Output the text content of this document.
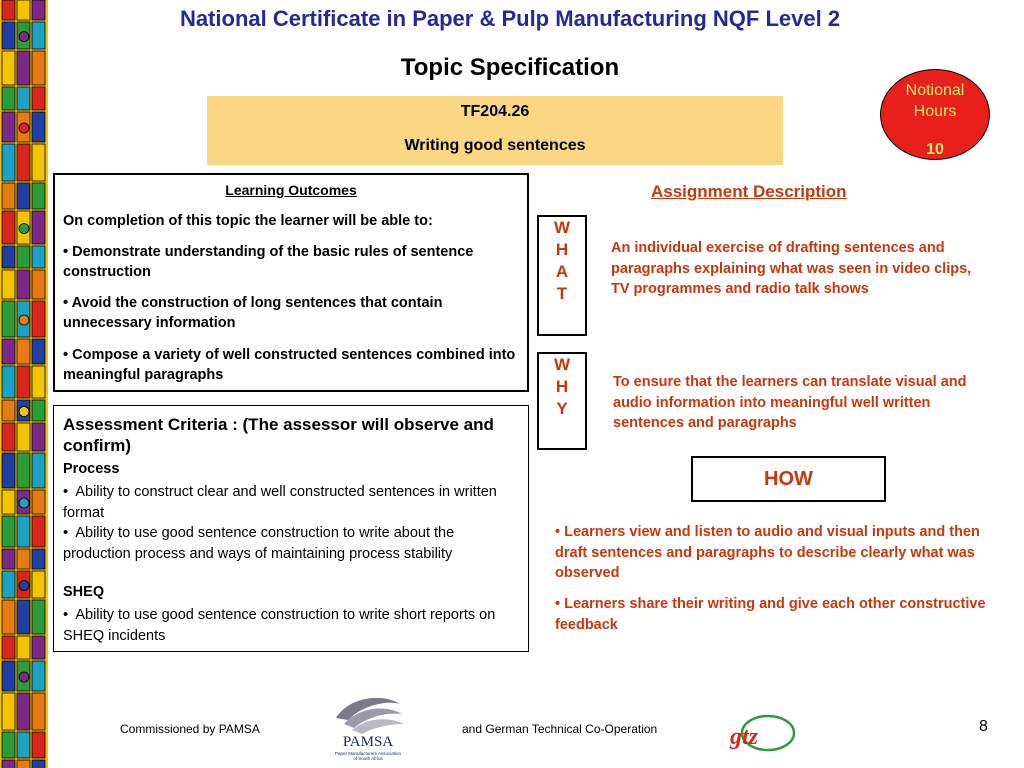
National Certificate in Paper & Pulp Manufacturing NQF Level 2
Topic Specification
TF204.26
Writing good sentences
Notional
Hours
10
Learning Outcomes
On completion of this topic the learner will be able to:
• Demonstrate understanding of the basic rules of sentence construction
• Avoid the construction of long sentences that contain unnecessary information
• Compose a variety of well constructed sentences combined into meaningful paragraphs
Assessment Criteria : (The assessor will observe and confirm)
Process
•  Ability to construct clear and well constructed sentences in written format
•  Ability to use good sentence construction to write about the production process and ways of maintaining process stability
SHEQ
•  Ability to use good sentence construction to write short reports on SHEQ incidents
Assignment Description
W
H
A
T
An individual exercise of drafting sentences and paragraphs explaining what was seen in video clips, TV programmes and radio talk shows
W
H
Y
To ensure that the learners can translate visual and audio information into meaningful well written sentences and paragraphs
HOW
• Learners view and listen to audio and visual inputs and then draft sentences and paragraphs to describe clearly what was observed
• Learners share their writing and give each other constructive feedback
Commissioned by PAMSA	and German Technical Co-Operation	8
PAMSA
Paper Manufacturers Association
of South Africa
gtz
